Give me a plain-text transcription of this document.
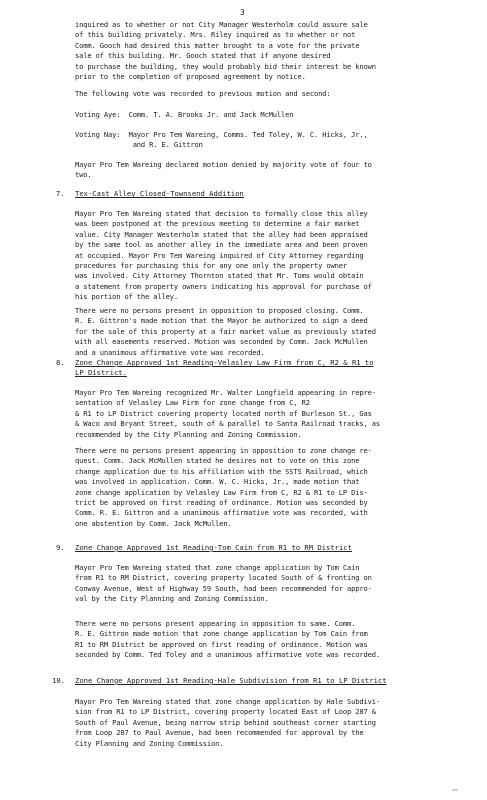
3
inquired as to whether or not City Manager Westerholm could assure sale
of this building privately. Mrs. Riley inquired as to whether or not
Comm. Gooch had desired this matter brought to a vote for the private
sale of this building. Mr. Gooch stated that if anyone desired
to purchase the building, they would probably bid their interest be known
prior to the completion of proposed agreement by notice.
The following vote was recorded to previous motion and second:
Voting Aye:  Comm. T. A. Brooks Jr. and Jack McMullen
Voting Nay:  Mayor Pro Tem Wareing, Comms. Ted Toley, W. C. Hicks, Jr.,
and R. E. Gittron
Mayor Pro Tem Wareing declared motion denied by majority vote of four to
two.
7. Tex-Cast Alley Closed-Townsend Addition
Mayor Pro Tem Wareing stated that decision to formally close this alley
was been postponed at the previous meeting to determine a fair market
value. City Manager Westerholm stated that the alley had been appraised
by the same tool as another alley in the immediate area and been proven
at occupied. Mayor Pro Tem Wareing inquired of City Attorney regarding
procedures for purchasing this for any one only the property owner
was involved. City Attorney Thornton stated that Mr. Toms would obtain
a statement from property owners indicating his approval for purchase of
his portion of the alley.
There were no persons present in opposition to proposed closing. Comm.
R. E. Gittron's made motion that the Mayor be authorized to sign a deed
for the sale of this property at a fair market value as previously stated
with all easements reserved. Motion was seconded by Comm. Jack McMullen
and a unanimous affirmative vote was recorded.
8. Zone Change Approved 1st Reading-Velasley Law Firm from C, R2 & R1 to
LP District.
Mayor Pro Tem Wareing recognized Mr. Walter Longfield appearing in repre-
sentation of Velasley Law Firm for zone change from C, R2
& R1 to LP District covering property located north of Burleson St., Gas
& Waco and Bryant Street, south of & parallel to Santa Railroad tracks, as
recommended by the City Planning and Zoning Commission.
There were no persons present appearing in opposition to zone change re-
quest. Comm. Jack McMullen stated he desires not to vote on this zone
change application due to his affiliation with the SSTS Railroad, which
was involved in application. Comm. W. C. Hicks, Jr., made motion that
zone change application by Velasley Law Firm from C, R2 & R1 to LP Dis-
trict be approved on first reading of ordinance. Motion was seconded by
Comm. R. E. Gittron and a unanimous affirmative vote was recorded, with
one abstention by Comm. Jack McMullen.
9. Zone Change Approved 1st Reading-Tom Cain from R1 to RM District
Mayor Pro Tem Wareing stated that zone change application by Tom Cain
from R1 to RM District, covering property located South of & fronting on
Conway Avenue, West of Highway 59 South, had been recommended for appro-
val by the City Planning and Zoning Commission.
There were no persons present appearing in opposition to same. Comm.
R. E. Gittron made motion that zone change application by Tom Cain from
R1 to RM District be approved on first reading of ordinance. Motion was
seconded by Comm. Ted Toley and a unanimous affirmative vote was recorded.
10. Zone Change Approved 1st Reading-Hale Subdivision from R1 to LP District
Mayor Pro Tem Wareing stated that zone change application by Hale Subdivi-
sion from R1 to LP District, covering property located East of Loop 287 &
South of Paul Avenue, being narrow strip behind southeast corner starting
from Loop 287 to Paul Avenue, had been recommended for approval by the
City Planning and Zoning Commission.
~~
